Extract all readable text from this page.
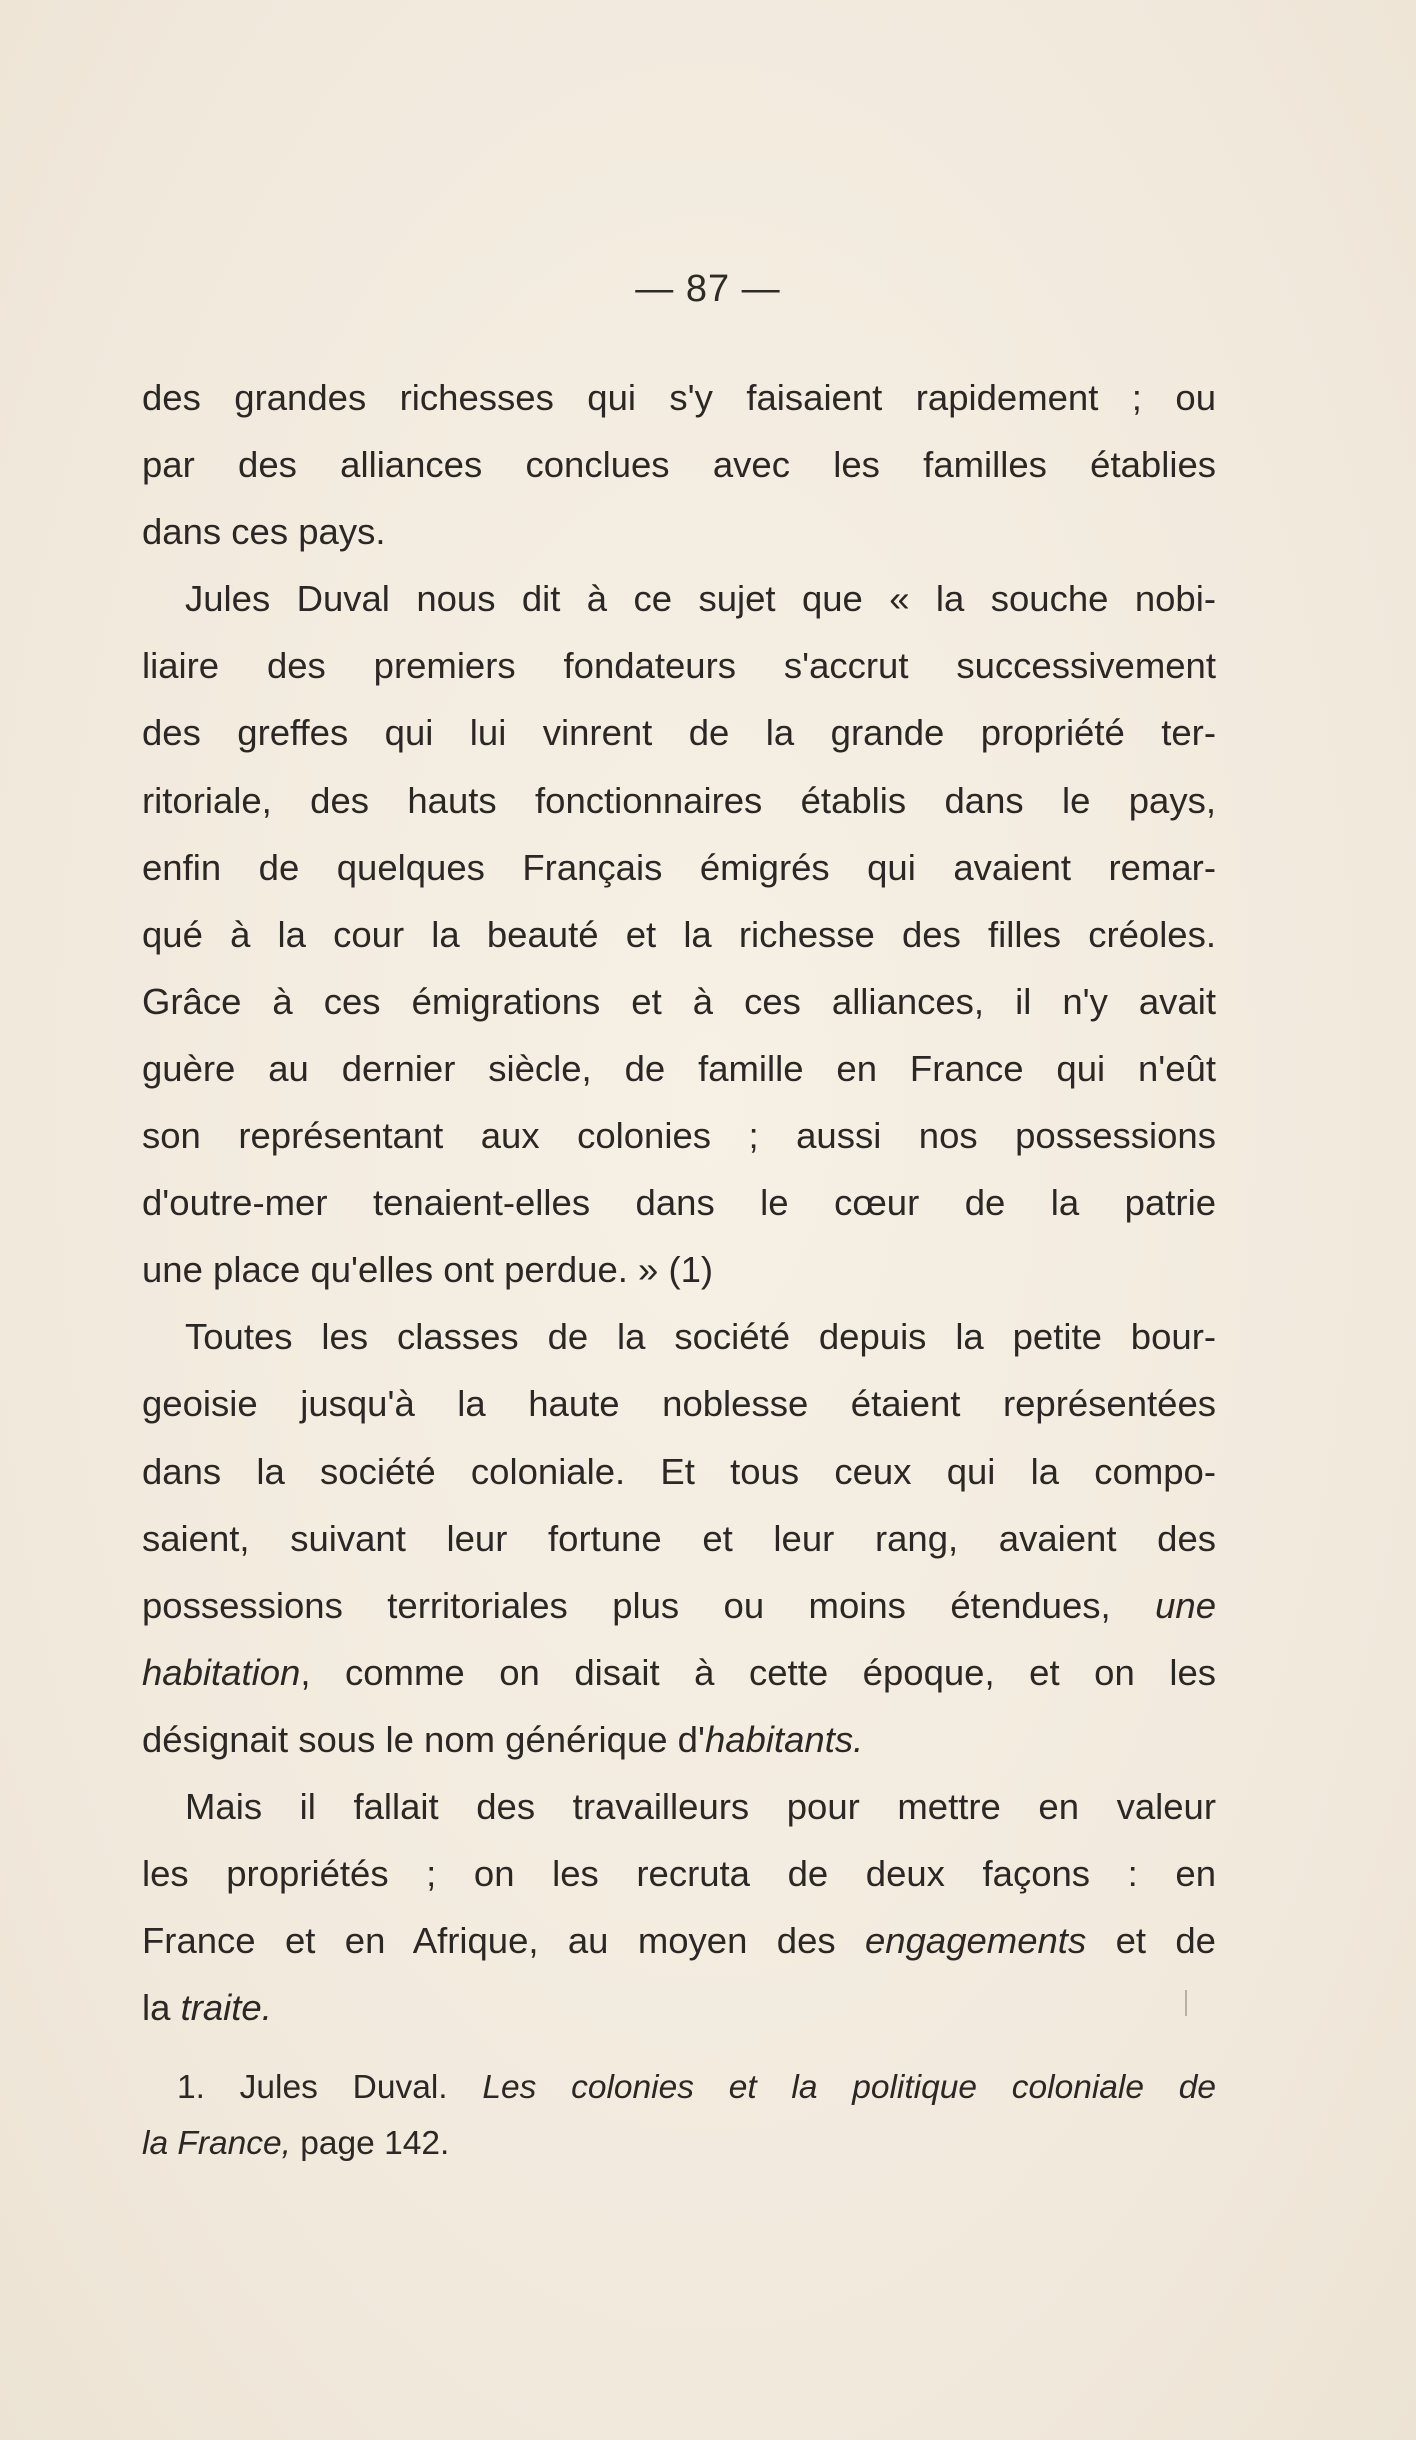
— 87 —
des grandes richesses qui s'y faisaient rapidement ; ou
par des alliances conclues avec les familles établies
dans ces pays.
Jules Duval nous dit à ce sujet que « la souche nobi-
liaire des premiers fondateurs s'accrut successivement
des greffes qui lui vinrent de la grande propriété ter-
ritoriale, des hauts fonctionnaires établis dans le pays,
enfin de quelques Français émigrés qui avaient remar-
qué à la cour la beauté et la richesse des filles créoles.
Grâce à ces émigrations et à ces alliances, il n'y avait
guère au dernier siècle, de famille en France qui n'eût
son représentant aux colonies ; aussi nos possessions
d'outre-mer tenaient-elles dans le cœur de la patrie
une place qu'elles ont perdue. » (1)
Toutes les classes de la société depuis la petite bour-
geoisie jusqu'à la haute noblesse étaient représentées
dans la société coloniale. Et tous ceux qui la compo-
saient, suivant leur fortune et leur rang, avaient des
possessions territoriales plus ou moins étendues, une
habitation, comme on disait à cette époque, et on les
désignait sous le nom générique d'habitants.
Mais il fallait des travailleurs pour mettre en valeur
les propriétés ; on les recruta de deux façons : en
France et en Afrique, au moyen des engagements et de
la traite.
1. Jules Duval. Les colonies et la politique coloniale de
la France, page 142.
